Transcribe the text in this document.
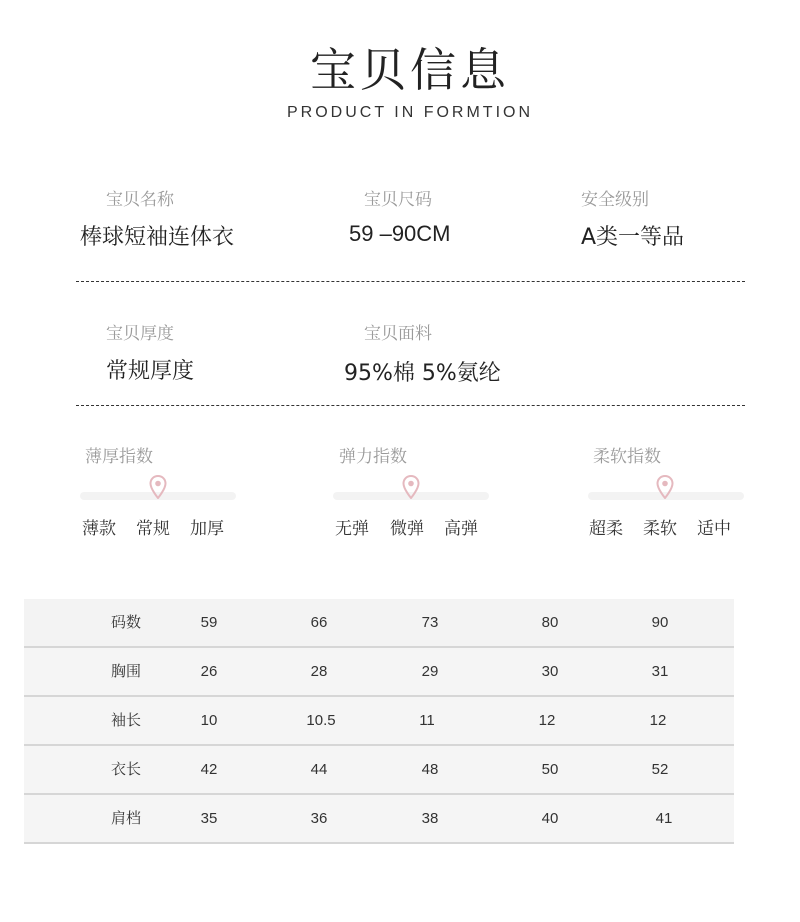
宝贝信息
PRODUCT IN FORMTION
宝贝名称
棒球短袖连体衣
宝贝尺码
59 –90CM
安全级别
A类一等品
宝贝厚度
常规厚度
宝贝面料
95%棉 5%氨纶
薄厚指数
薄款 常规 加厚
弹力指数
无弹 微弹 高弹
柔软指数
超柔 柔软 适中
码数	59	66	73	80	90
胸围	26	28	29	30	31
袖长	10	10.5	11	12	12
衣长	42	44	48	50	52
肩档	35	36	38	40	41
